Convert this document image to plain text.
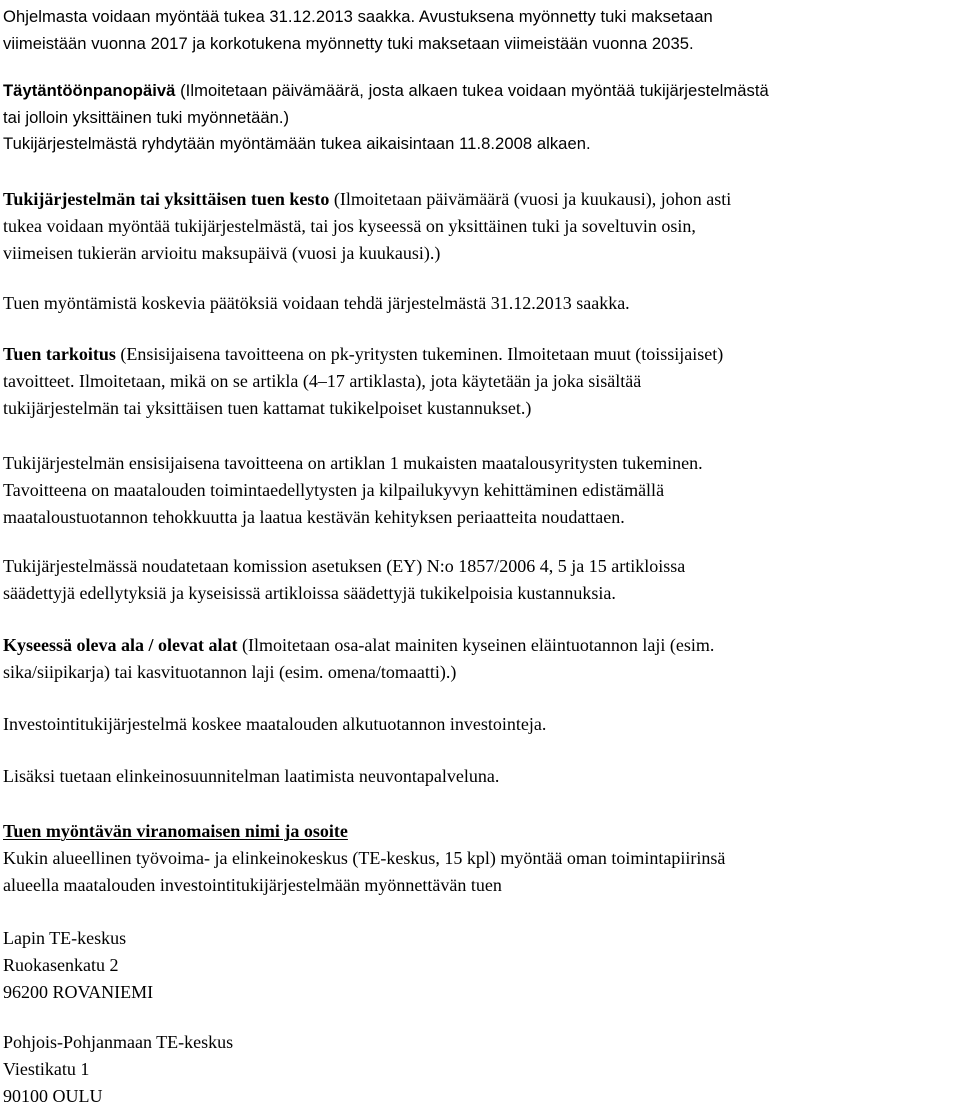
Ohjelmasta voidaan myöntää tukea 31.12.2013 saakka. Avustuksena myönnetty tuki maksetaan

viimeistään vuonna 2017 ja korkotukena myönnetty tuki maksetaan viimeistään vuonna 2035.

Täytäntöönpanopäivä (Ilmoitetaan päivämäärä, josta alkaen tukea voidaan myöntää tukijärjestelmästä

tai jolloin yksittäinen tuki myönnetään.)

Tukijärjestelmästä ryhdytään myöntämään tukea aikaisintaan 11.8.2008 alkaen.

Tukijärjestelmän tai yksittäisen tuen kesto (Ilmoitetaan päivämäärä (vuosi ja kuukausi), johon asti

tukea voidaan myöntää tukijärjestelmästä, tai jos kyseessä on yksittäinen tuki ja soveltuvin osin,

viimeisen tukierän arvioitu maksupäivä (vuosi ja kuukausi).)

Tuen myöntämistä koskevia päätöksiä voidaan tehdä järjestelmästä 31.12.2013 saakka.

Tuen tarkoitus (Ensisijaisena tavoitteena on pk-yritysten tukeminen. Ilmoitetaan muut (toissijaiset)

tavoitteet. Ilmoitetaan, mikä on se artikla (4–17 artiklasta), jota käytetään ja joka sisältää

tukijärjestelmän tai yksittäisen tuen kattamat tukikelpoiset kustannukset.)

Tukijärjestelmän ensisijaisena tavoitteena on artiklan 1 mukaisten maatalousyritysten tukeminen.

Tavoitteena on maatalouden toimintaedellytysten ja kilpailukyvyn kehittäminen edistämällä

maataloustuotannon tehokkuutta ja laatua kestävän kehityksen periaatteita noudattaen.

Tukijärjestelmässä noudatetaan komission asetuksen (EY) N:o 1857/2006 4, 5 ja 15 artikloissa

säädettyjä edellytyksiä ja kyseisissä artikloissa säädettyjä tukikelpoisia kustannuksia.

Kyseessä oleva ala / olevat alat (Ilmoitetaan osa-alat mainiten kyseinen eläintuotannon laji (esim.

sika/siipikarja) tai kasvituotannon laji (esim. omena/tomaatti).)

Investointitukijärjestelmä koskee maatalouden alkutuotannon investointeja.

Lisäksi tuetaan elinkeinosuunnitelman laatimista neuvontapalveluna.

Tuen myöntävän viranomaisen nimi ja osoite

Kukin alueellinen työvoima- ja elinkeinokeskus (TE-keskus, 15 kpl) myöntää oman toimintapiirinsä

alueella maatalouden investointitukijärjestelmään myönnettävän tuen

Lapin TE-keskus

Ruokasenkatu 2

96200 ROVANIEMI

Pohjois-Pohjanmaan TE-keskus

Viestikatu 1

90100 OULU
